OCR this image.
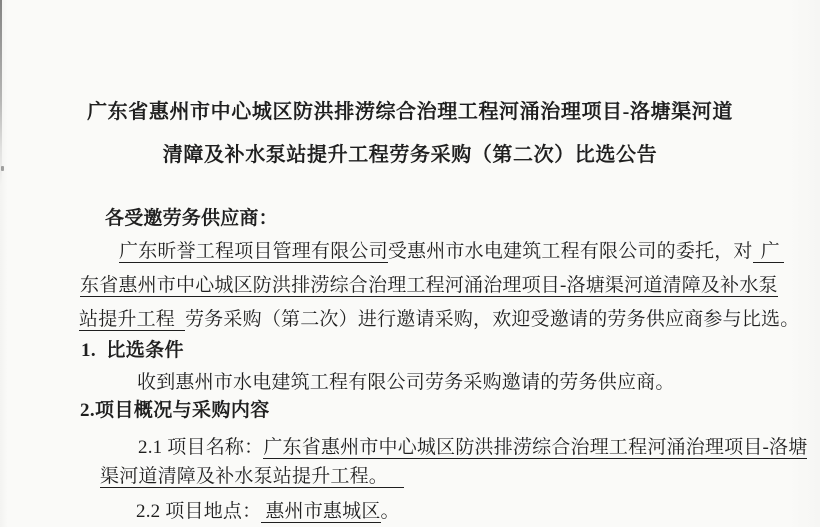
广东省惠州市中心城区防洪排涝综合治理工程河涌治理项目-洛塘渠河道
清障及补水泵站提升工程劳务采购（第二次）比选公告
各受邀劳务供应商：
广东昕誉工程项目管理有限公司受惠州市水电建筑工程有限公司的委托，对 广
东省惠州市中心城区防洪排涝综合治理工程河涌治理项目-洛塘渠河道清障及补水泵
站提升工程 劳务采购（第二次）进行邀请采购，欢迎受邀请的劳务供应商参与比选。
1.  比选条件
收到惠州市水电建筑工程有限公司劳务采购邀请的劳务供应商。
2.项目概况与采购内容
2.1 项目名称：广东省惠州市中心城区防洪排涝综合治理工程河涌治理项目-洛塘
渠河道清障及补水泵站提升工程。
2.2 项目地点： 惠州市惠城区。
